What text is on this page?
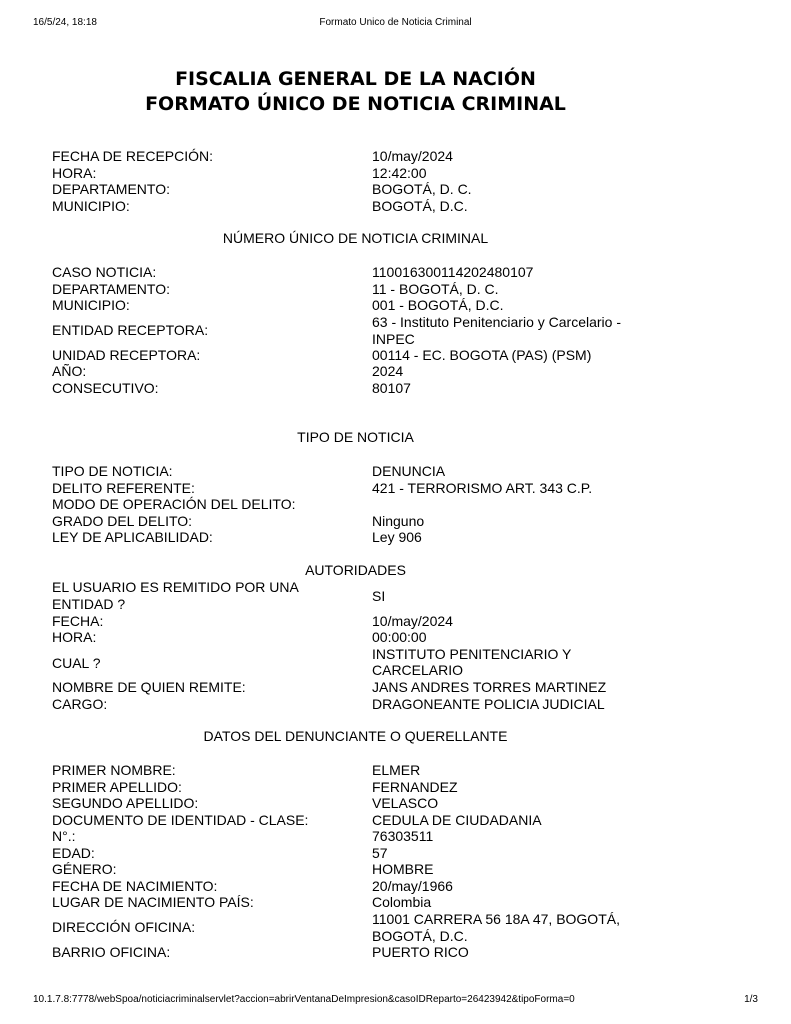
16/5/24, 18:18	Formato Unico de Noticia Criminal
FISCALIA GENERAL DE LA NACIÓN
FORMATO ÚNICO DE NOTICIA CRIMINAL
FECHA DE RECEPCIÓN:	10/may/2024
HORA:	12:42:00
DEPARTAMENTO:	BOGOTÁ, D. C.
MUNICIPIO:	BOGOTÁ, D.C.
NÚMERO ÚNICO DE NOTICIA CRIMINAL
CASO NOTICIA:	110016300114202480107
DEPARTAMENTO:	11 - BOGOTÁ, D. C.
MUNICIPIO:	001 - BOGOTÁ, D.C.
ENTIDAD RECEPTORA:	63 - Instituto Penitenciario y Carcelario -
INPEC
UNIDAD RECEPTORA:	00114 - EC. BOGOTA (PAS) (PSM)
AÑO:	2024
CONSECUTIVO:	80107
TIPO DE NOTICIA
TIPO DE NOTICIA:	DENUNCIA
DELITO REFERENTE:	421 - TERRORISMO ART. 343 C.P.
MODO DE OPERACIÓN DEL DELITO:
GRADO DEL DELITO:	Ninguno
LEY DE APLICABILIDAD:	Ley 906
AUTORIDADES
EL USUARIO ES REMITIDO POR UNA
ENTIDAD ?	SI
FECHA:	10/may/2024
HORA:	00:00:00
CUAL ?
INSTITUTO PENITENCIARIO Y
CARCELARIO
NOMBRE DE QUIEN REMITE:	JANS ANDRES TORRES MARTINEZ
CARGO:	DRAGONEANTE POLICIA JUDICIAL
DATOS DEL DENUNCIANTE O QUERELLANTE
PRIMER NOMBRE:	ELMER
PRIMER APELLIDO:	FERNANDEZ
SEGUNDO APELLIDO:	VELASCO
DOCUMENTO DE IDENTIDAD - CLASE:	CEDULA DE CIUDADANIA
N°.:	76303511
EDAD:	57
GÉNERO:	HOMBRE
FECHA DE NACIMIENTO:	20/may/1966
LUGAR DE NACIMIENTO PAÍS:	Colombia
DIRECCIÓN OFICINA:	11001 CARRERA 56 18A 47, BOGOTÁ,
BOGOTÁ, D.C.
BARRIO OFICINA:	PUERTO RICO
10.1.7.8:7778/webSpoa/noticiacriminalservlet?accion=abrirVentanaDeImpresion&casoIDReparto=26423942&tipoForma=0	1/3
